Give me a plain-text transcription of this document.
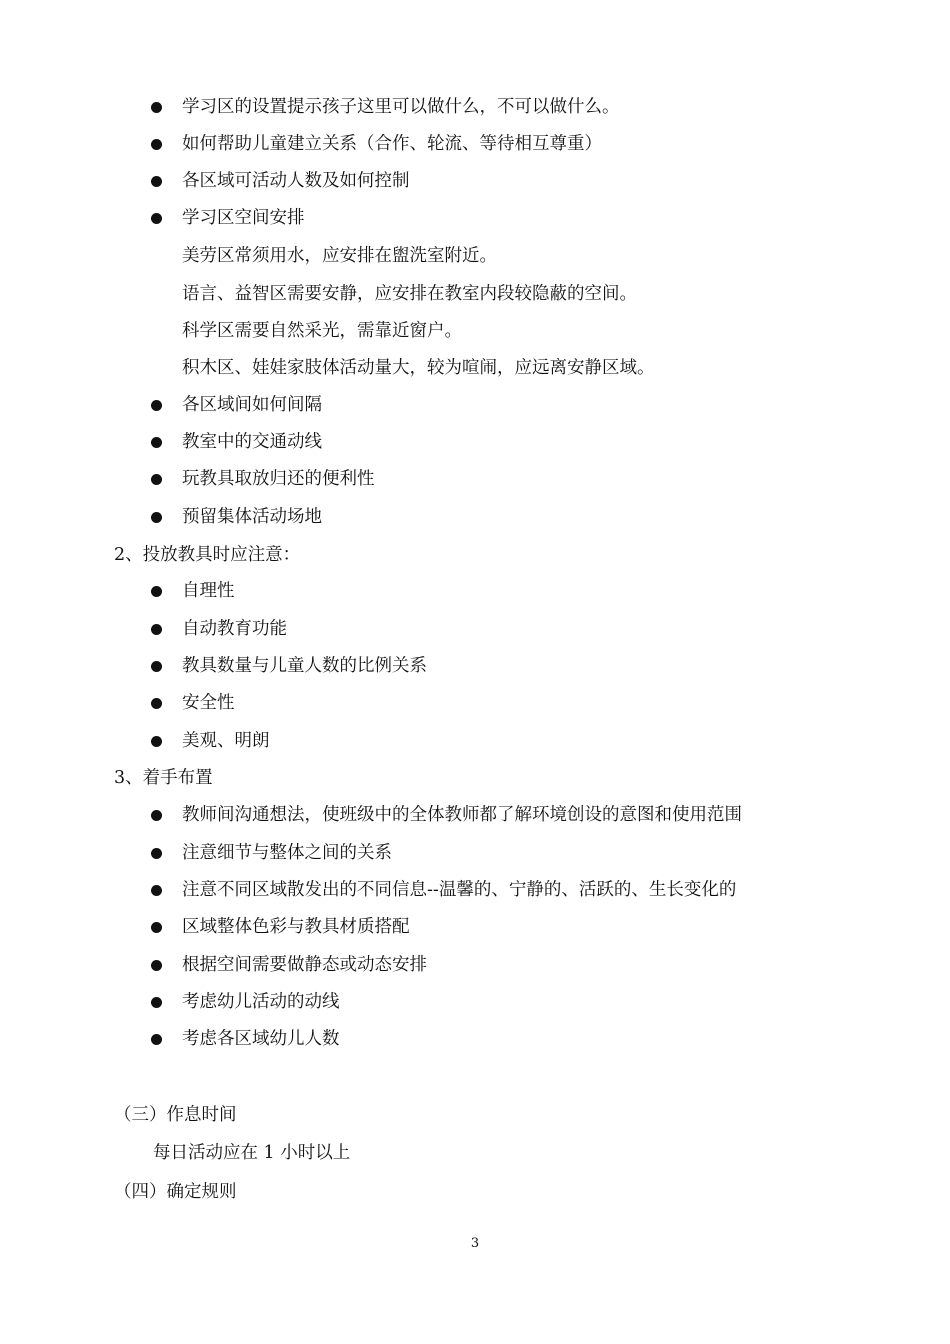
学习区的设置提示孩子这里可以做什么，不可以做什么。
如何帮助儿童建立关系（合作、轮流、等待相互尊重）
各区域可活动人数及如何控制
学习区空间安排
美劳区常须用水，应安排在盥洗室附近。
语言、益智区需要安静，应安排在教室内段较隐蔽的空间。
科学区需要自然采光，需靠近窗户。
积木区、娃娃家肢体活动量大，较为喧闹，应远离安静区域。
各区域间如何间隔
教室中的交通动线
玩教具取放归还的便利性
预留集体活动场地
2、投放教具时应注意：
自理性
自动教育功能
教具数量与儿童人数的比例关系
安全性
美观、明朗
3、着手布置
教师间沟通想法，使班级中的全体教师都了解环境创设的意图和使用范围
注意细节与整体之间的关系
注意不同区域散发出的不同信息--温馨的、宁静的、活跃的、生长变化的
区域整体色彩与教具材质搭配
根据空间需要做静态或动态安排
考虑幼儿活动的动线
考虑各区域幼儿人数
（三）作息时间
每日活动应在 1 小时以上
（四）确定规则
3
